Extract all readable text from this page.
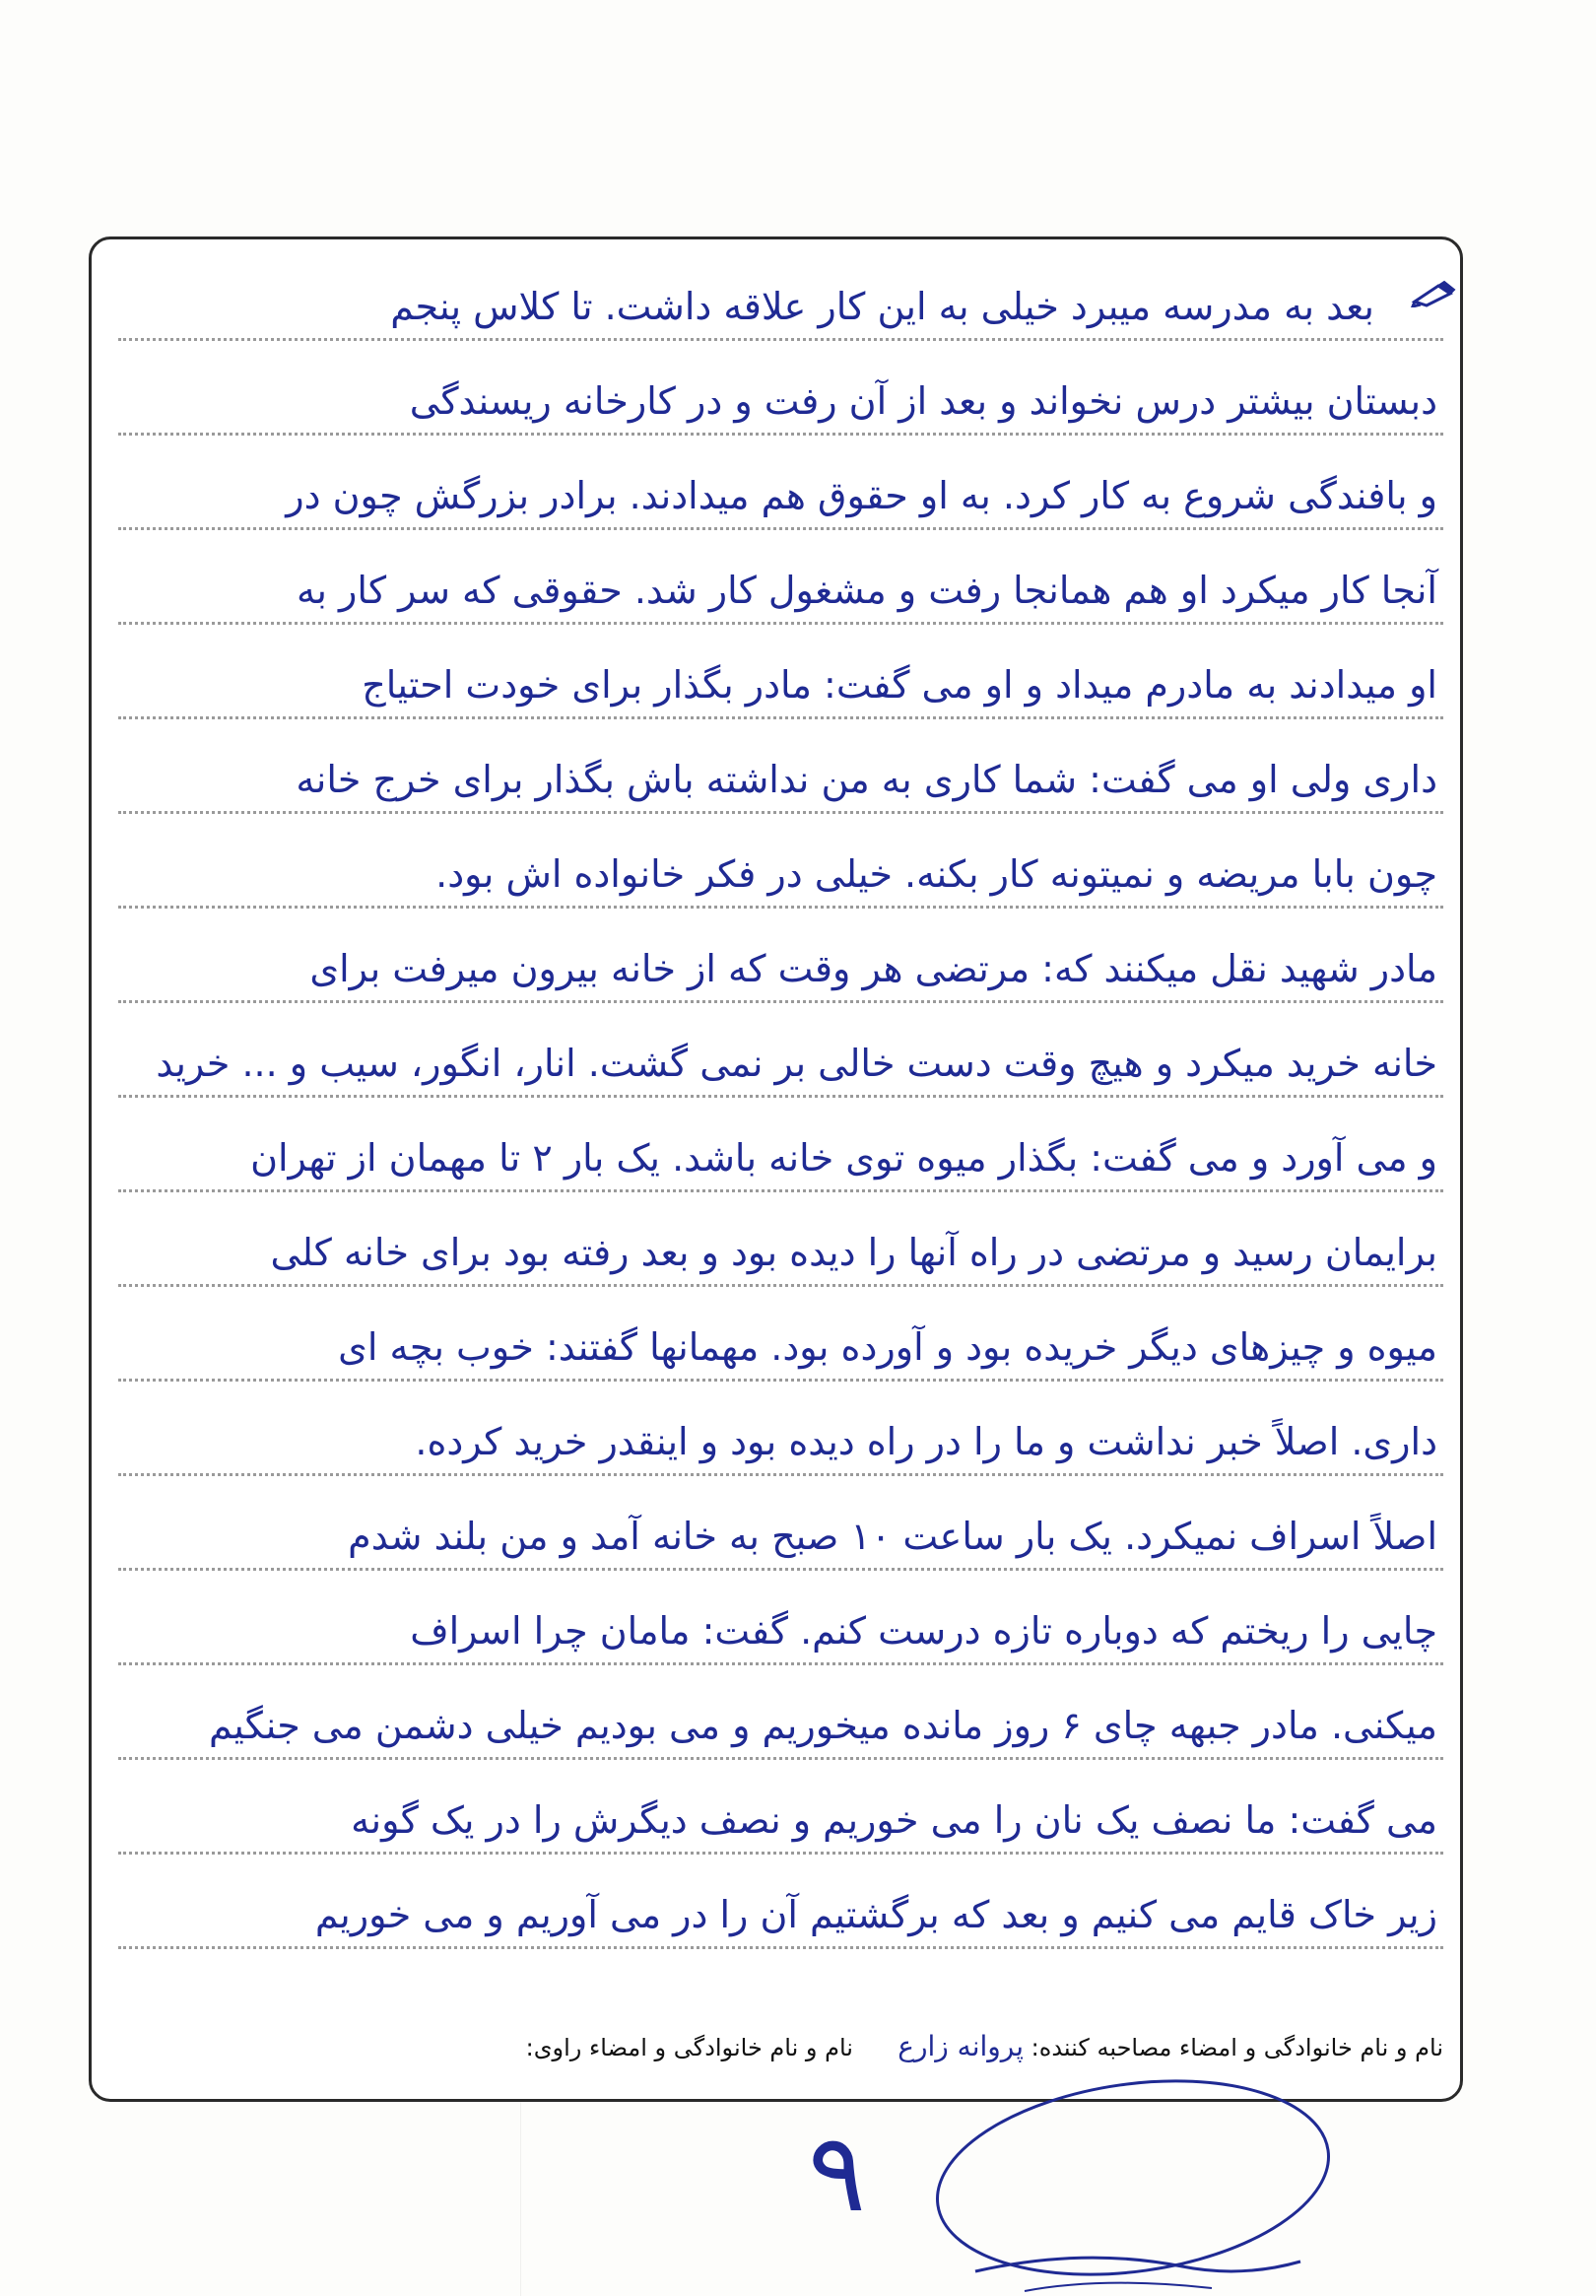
بعد به مدرسه میبرد خیلی به این کار علاقه داشت. تا کلاس پنجم
دبستان بیشتر درس نخواند و بعد از آن رفت و در کارخانه ریسندگی
و بافندگی شروع به کار کرد. به او حقوق هم میدادند. برادر بزرگش چون در
آنجا کار میکرد او هم همانجا رفت و مشغول کار شد. حقوقی که سر کار به
او میدادند به مادرم میداد و او می گفت: مادر بگذار برای خودت احتیاج
داری ولی او می گفت: شما کاری به من نداشته باش بگذار برای خرج خانه
چون بابا مریضه و نمیتونه کار بکنه. خیلی در فکر خانواده اش بود.
مادر شهید نقل میکنند که: مرتضی هر وقت که از خانه بیرون میرفت برای
خانه خرید میکرد و هیچ وقت دست خالی بر نمی گشت. انار، انگور، سیب و ... خرید
و می آورد و می گفت: بگذار میوه توی خانه باشد. یک بار ۲ تا مهمان از تهران
برایمان رسید و مرتضی در راه آنها را دیده بود و بعد رفته بود برای خانه کلی
میوه و چیزهای دیگر خریده بود و آورده بود. مهمانها گفتند: خوب بچه ای
داری. اصلاً خبر نداشت و ما را در راه دیده بود و اینقدر خرید کرده.
اصلاً اسراف نمیکرد. یک بار ساعت ۱۰ صبح به خانه آمد و من بلند شدم
چایی را ریختم که دوباره تازه درست کنم. گفت: مامان چرا اسراف
میکنی. مادر جبهه چای ۶ روز مانده میخوریم و می بودیم خیلی دشمن می جنگیم
می گفت: ما نصف یک نان را می خوریم و نصف دیگرش را در یک گونه
زیر خاک قایم می کنیم و بعد که برگشتیم آن را در می آوریم و می خوریم
نام و نام خانوادگی و امضاء مصاحبه کننده: پروانه زارع  نام و نام خانوادگی و امضاء راوی:
۹
